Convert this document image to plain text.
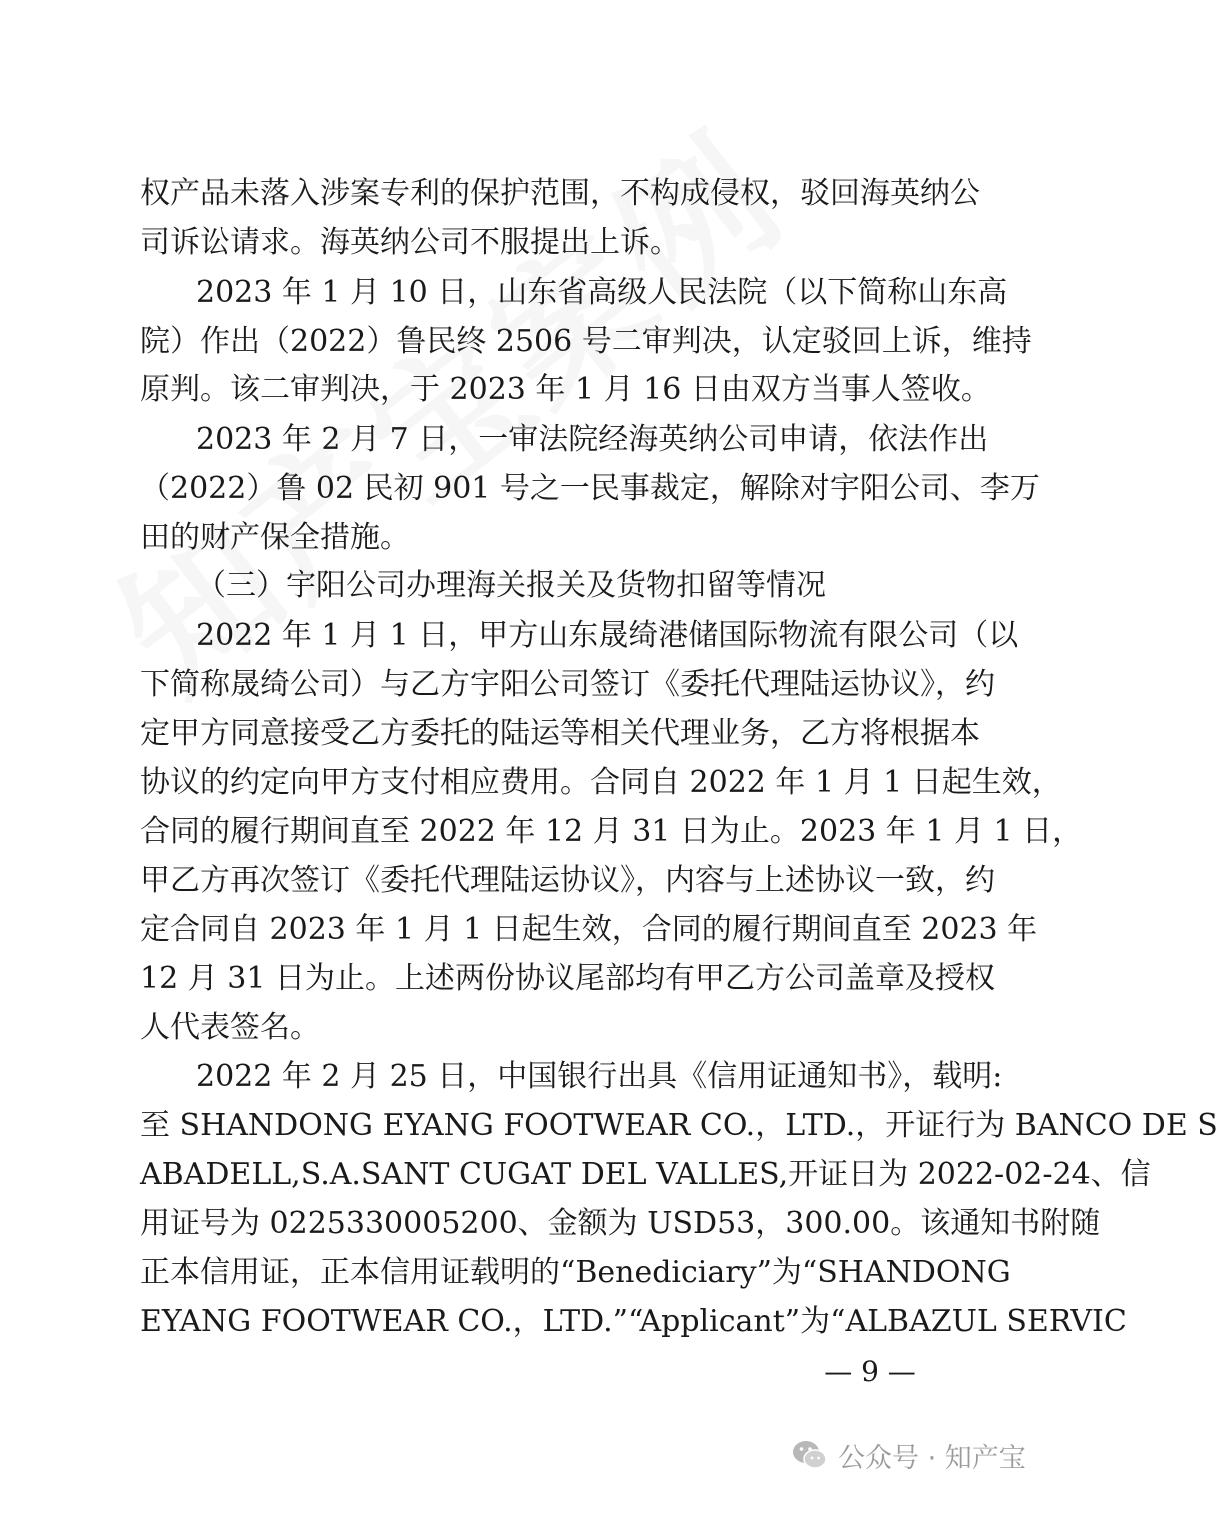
权产品未落入涉案专利的保护范围，不构成侵权，驳回海英纳公
司诉讼请求。海英纳公司不服提出上诉。
2023 年 1 月 10 日，山东省高级人民法院（以下简称山东高
院）作出（2022）鲁民终 2506 号二审判决，认定驳回上诉，维持
原判。该二审判决，于 2023 年 1 月 16 日由双方当事人签收。
2023 年 2 月 7 日，一审法院经海英纳公司申请，依法作出
（2022）鲁 02 民初 901 号之一民事裁定，解除对宇阳公司、李万
田的财产保全措施。
（三）宇阳公司办理海关报关及货物扣留等情况
2022 年 1 月 1 日，甲方山东晟绮港储国际物流有限公司（以
下简称晟绮公司）与乙方宇阳公司签订《委托代理陆运协议》，约
定甲方同意接受乙方委托的陆运等相关代理业务，乙方将根据本
协议的约定向甲方支付相应费用。合同自 2022 年 1 月 1 日起生效，
合同的履行期间直至 2022 年 12 月 31 日为止。2023 年 1 月 1 日，
甲乙方再次签订《委托代理陆运协议》，内容与上述协议一致，约
定合同自 2023 年 1 月 1 日起生效，合同的履行期间直至 2023 年
12 月 31 日为止。上述两份协议尾部均有甲乙方公司盖章及授权
人代表签名。
2022 年 2 月 25 日，中国银行出具《信用证通知书》，载明:
至 SHANDONG EYANG FOOTWEAR CO.，LTD.，开证行为 BANCO DE S
ABADELL,S.A.SANT CUGAT DEL VALLES,开证日为 2022-02-24、信
用证号为 0225330005200、金额为 USD53，300.00。该通知书附随
正本信用证，正本信用证载明的“Benediciary”为“SHANDONG
EYANG FOOTWEAR CO.，LTD.”“Applicant”为“ALBAZUL SERVIC
— 9 —
公众号 · 知产宝
